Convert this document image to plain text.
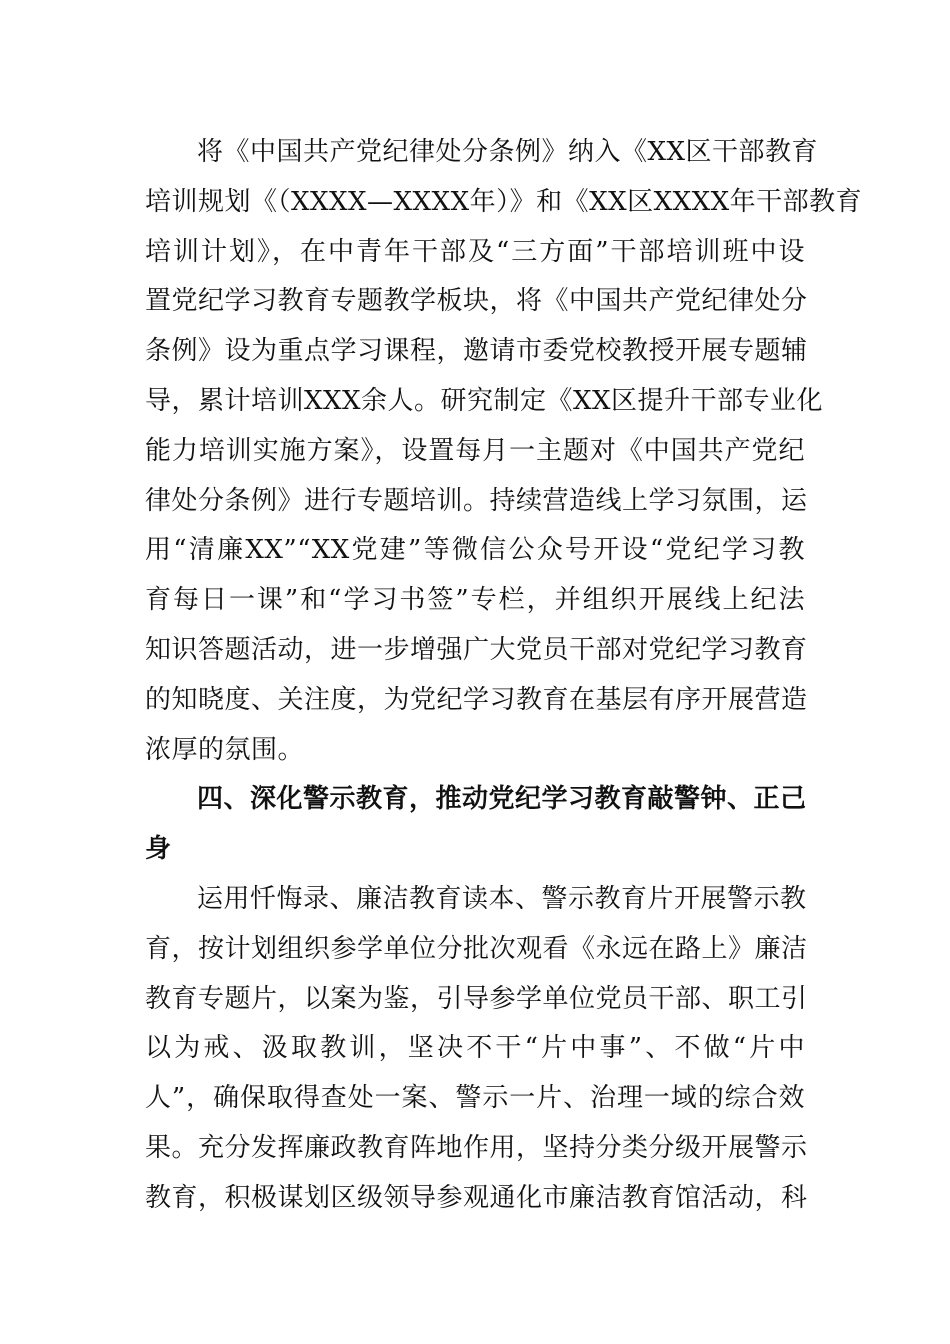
将《中国共产党纪律处分条例》纳入《XX区干部教育
培训规划《（XXXX—XXXX年）》和《XX区XXXX年干部教育
培训计划》，在中青年干部及“三方面”干部培训班中设
置党纪学习教育专题教学板块，将《中国共产党纪律处分
条例》设为重点学习课程，邀请市委党校教授开展专题辅
导，累计培训XXX余人。研究制定《XX区提升干部专业化
能力培训实施方案》，设置每月一主题对《中国共产党纪
律处分条例》进行专题培训。持续营造线上学习氛围，运
用“清廉XX”“XX党建”等微信公众号开设“党纪学习教
育每日一课”和“学习书签”专栏，并组织开展线上纪法
知识答题活动，进一步增强广大党员干部对党纪学习教育
的知晓度、关注度，为党纪学习教育在基层有序开展营造
浓厚的氛围。
四、深化警示教育，推动党纪学习教育敲警钟、正己
身
运用忏悔录、廉洁教育读本、警示教育片开展警示教
育，按计划组织参学单位分批次观看《永远在路上》廉洁
教育专题片，以案为鉴，引导参学单位党员干部、职工引
以为戒、汲取教训，坚决不干“片中事”、不做“片中
人”，确保取得查处一案、警示一片、治理一域的综合效
果。充分发挥廉政教育阵地作用，坚持分类分级开展警示
教育，积极谋划区级领导参观通化市廉洁教育馆活动，科
